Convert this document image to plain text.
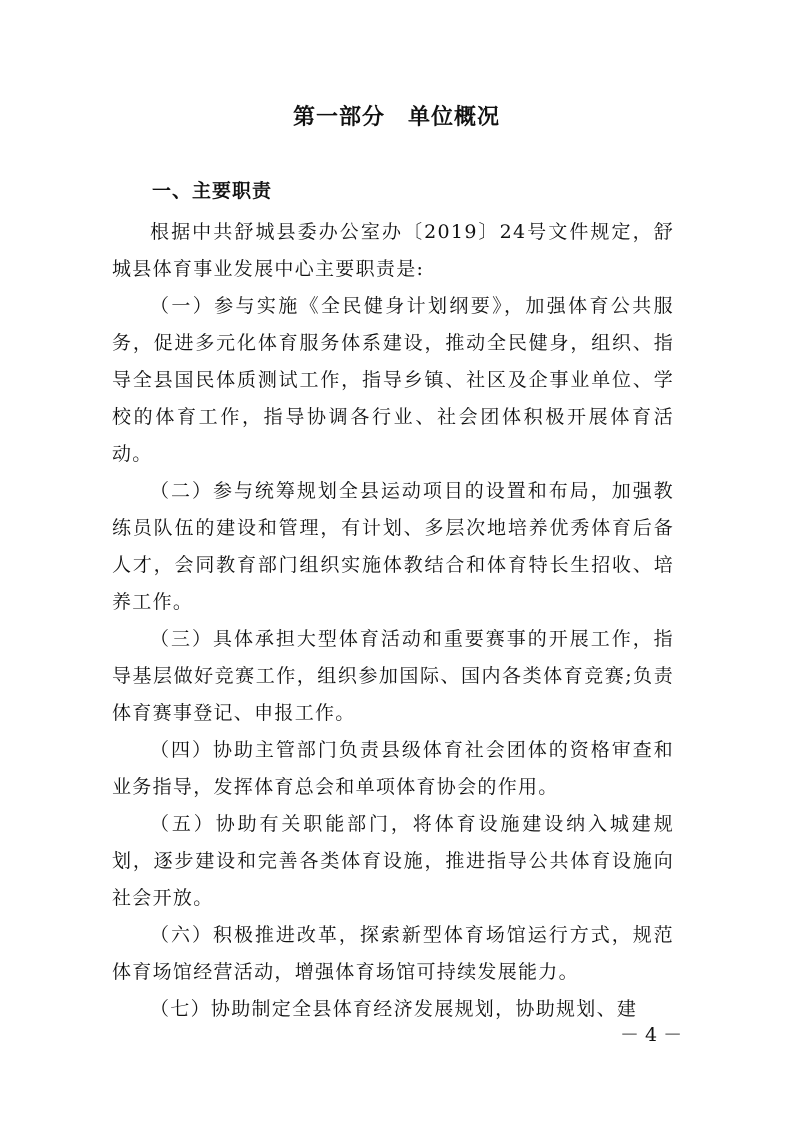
第一部分　单位概况
一、主要职责

根据中共舒城县委办公室办〔2019〕24号文件规定，舒城县体育事业发展中心主要职责是:

（一）参与实施《全民健身计划纲要》，加强体育公共服务，促进多元化体育服务体系建设，推动全民健身，组织、指导全县国民体质测试工作，指导乡镇、社区及企事业单位、学校的体育工作，指导协调各行业、社会团体积极开展体育活动。

（二）参与统筹规划全县运动项目的设置和布局，加强教练员队伍的建设和管理，有计划、多层次地培养优秀体育后备人才，会同教育部门组织实施体教结合和体育特长生招收、培养工作。

（三）具体承担大型体育活动和重要赛事的开展工作，指导基层做好竞赛工作，组织参加国际、国内各类体育竞赛;负责体育赛事登记、申报工作。

（四）协助主管部门负责县级体育社会团体的资格审查和业务指导，发挥体育总会和单项体育协会的作用。

（五）协助有关职能部门，将体育设施建设纳入城建规划，逐步建设和完善各类体育设施，推进指导公共体育设施向社会开放。

（六）积极推进改革，探索新型体育场馆运行方式，规范体育场馆经营活动，增强体育场馆可持续发展能力。

（七）协助制定全县体育经济发展规划，协助规划、建

－ 4 －
